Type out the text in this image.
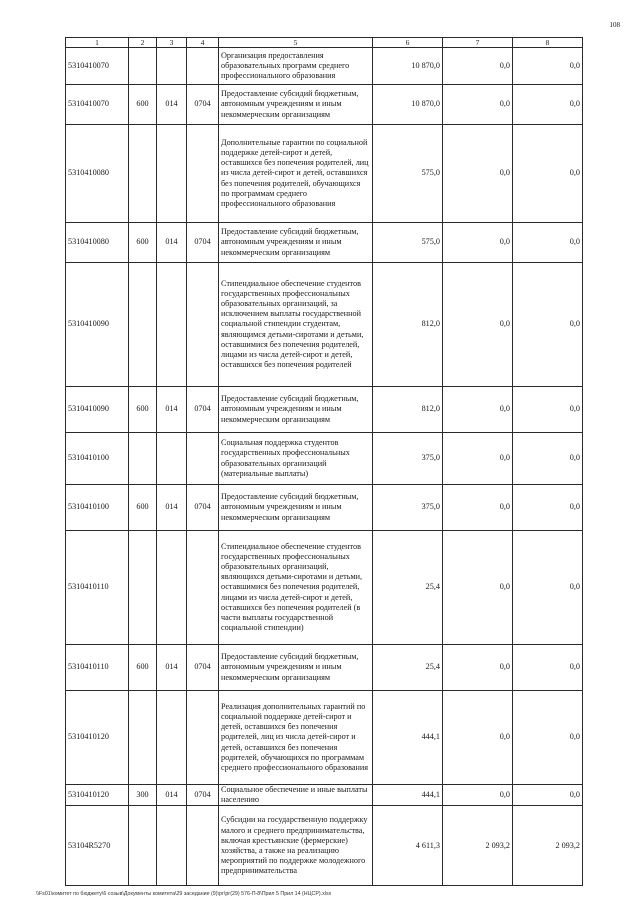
108
1	2	3	4	5	6	7	8
5310410070				Организация предоставления образовательных программ среднего профессионального образования	10 870,0	0,0	0,0
5310410070	600	014	0704	Предоставление субсидий бюджетным, автономным учреждениям и иным некоммерческим организациям	10 870,0	0,0	0,0
5310410080				Дополнительные гарантии по социальной поддержке детей-сирот и детей, оставшихся без попечения родителей, лиц из числа детей-сирот и детей, оставшихся без попечения родителей, обучающихся по программам среднего профессионального образования	575,0	0,0	0,0
5310410080	600	014	0704	Предоставление субсидий бюджетным, автономным учреждениям и иным некоммерческим организациям	575,0	0,0	0,0
5310410090				Стипендиальное обеспечение студентов государственных профессиональных образовательных организаций, за исключением выплаты государственной социальной стипендии студентам, являющимся детьми-сиротами и детьми, оставшимися без попечения родителей, лицами из числа детей-сирот и детей, оставшихся без попечения родителей	812,0	0,0	0,0
5310410090	600	014	0704	Предоставление субсидий бюджетным, автономным учреждениям и иным некоммерческим организациям	812,0	0,0	0,0
5310410100				Социальная поддержка студентов государственных профессиональных образовательных организаций (материальные выплаты)	375,0	0,0	0,0
5310410100	600	014	0704	Предоставление субсидий бюджетным, автономным учреждениям и иным некоммерческим организациям	375,0	0,0	0,0
5310410110				Стипендиальное обеспечение студентов государственных профессиональных образовательных организаций, являющихся детьми-сиротами и детьми, оставшимися без попечения родителей, лицами из числа детей-сирот и детей, оставшихся без попечения родителей (в части выплаты государственной социальной стипендии)	25,4	0,0	0,0
5310410110	600	014	0704	Предоставление субсидий бюджетным, автономным учреждениям и иным некоммерческим организациям	25,4	0,0	0,0
5310410120				Реализация дополнительных гарантий по социальной поддержке детей-сирот и детей, оставшихся без попечения родителей, лиц из числа детей-сирот и детей, оставшихся без попечения родителей, обучающихся по программам среднего профессионального образования	444,1	0,0	0,0
5310410120	300	014	0704	Социальное обеспечение и иные выплаты населению	444,1	0,0	0,0
53104R5270				Субсидии на государственную поддержку малого и среднего предпринимательства, включая крестьянские (фермерские) хозяйства, а также на реализацию мероприятий по поддержке молодежного предпринимательства	4 611,3	2 093,2	2 093,2
\\Fs01\комитет по бюджету\6 созыв\Документы комитета\29 заседание (9)\рг\рг(29) 576-П-8\Прил 5 Прил 14 (НЦСР).xlsx
